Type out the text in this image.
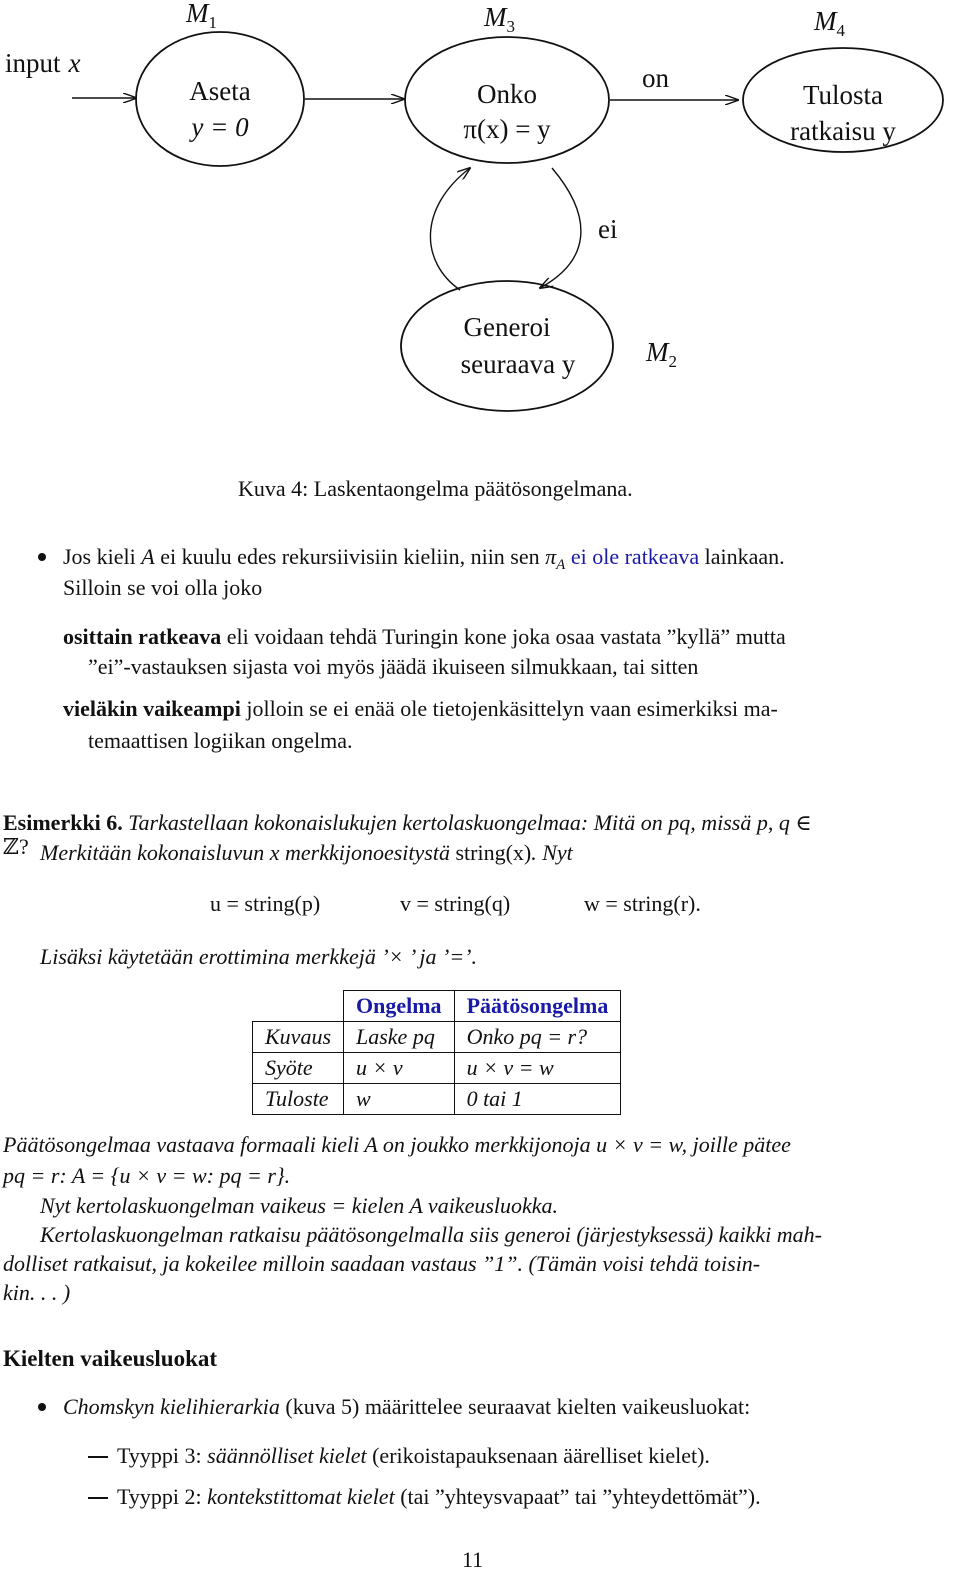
$M_1$	$M_3$	$M_4$
$M_2$
input x
Aseta
y = 0
Onko
π(x) = y
on
Tulosta
ratkaisu y
ei
Generoi
seuraava y
Kuva 4: Laskentaongelma päätösongelmana.
Jos kieli A ei kuulu edes rekursiivisiin kieliin, niin sen $\pi_A$ ei ole ratkeava lainkaan.
Silloin se voi olla joko
osittain ratkeava eli voidaan tehdä Turingin kone joka osaa vastata ”kyllä” mutta
”ei”-vastauksen sijasta voi myös jäädä ikuiseen silmukkaan, tai sitten
vieläkin vaikeampi jolloin se ei enää ole tietojenkäsittelyn vaan esimerkiksi ma-
temaattisen logiikan ongelma.
Esimerkki 6. Tarkastellaan kokonaislukujen kertolaskuongelmaa: Mitä on pq, missä p, q ∈
ℤ? Merkitään kokonaisluvun x merkkijonoesitystä string(x). Nyt
u = string(p)	v = string(q)	w = string(r).
Lisäksi käytetään erottimina merkkejä ’× ’ ja ’=’.
	Ongelma	Päätösongelma
Kuvaus	Laske pq	Onko pq = r?
Syöte	u × v	u × v = w
Tuloste	w	0 tai 1
Päätösongelmaa vastaava formaali kieli A on joukko merkkijonoja u × v = w, joille pätee
pq = r: A = {u × v = w: pq = r}.
Nyt kertolaskuongelman vaikeus = kielen A vaikeusluokka.
Kertolaskuongelman ratkaisu päätösongelmalla siis generoi (järjestyksessä) kaikki mah-
dolliset ratkaisut, ja kokeilee milloin saadaan vastaus ”1”. (Tämän voisi tehdä toisin-
kin. . . )
Kielten vaikeusluokat
Chomskyn kielihierarkia (kuva 5) määrittelee seuraavat kielten vaikeusluokat:
Tyyppi 3: säännölliset kielet (erikoistapauksenaan äärelliset kielet).
Tyyppi 2: kontekstittomat kielet (tai ”yhteysvapaat” tai ”yhteydettömät”).
11
